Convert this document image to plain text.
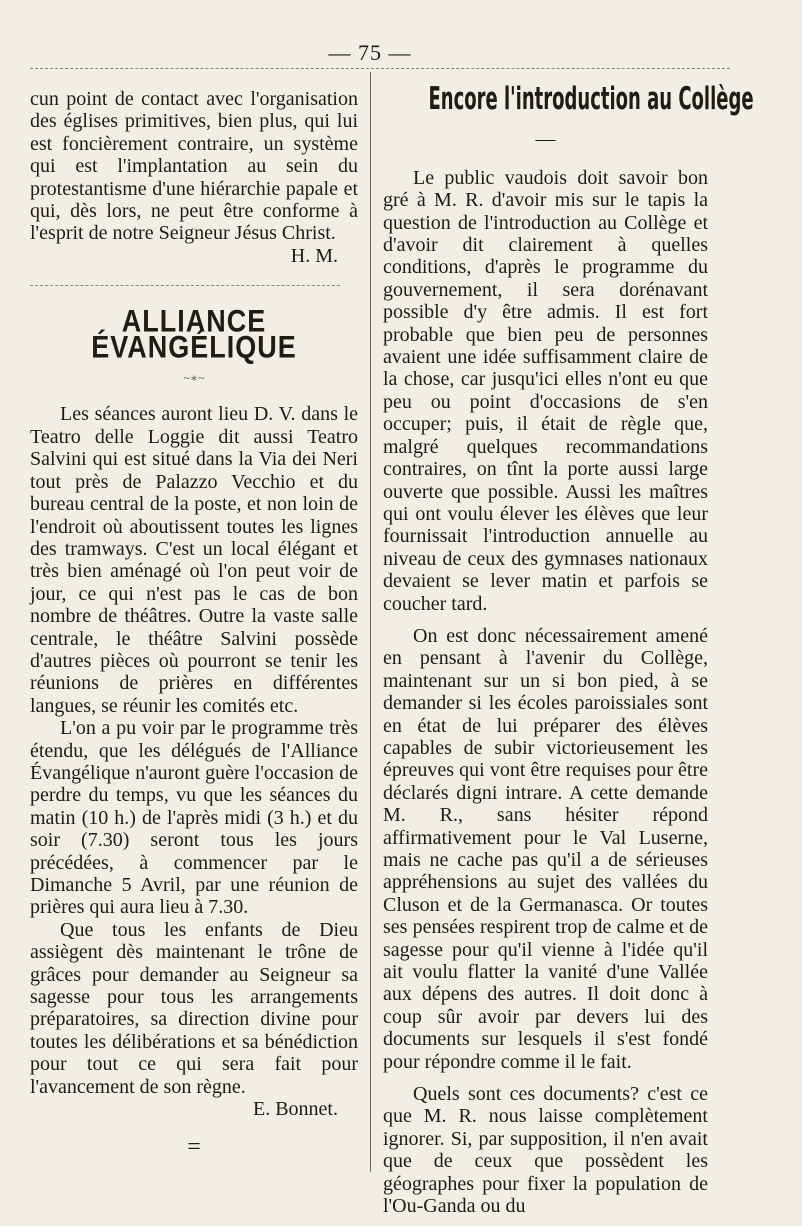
— 75 —

cun point de contact avec l'organisation des églises primitives, bien plus, qui lui est foncièrement contraire, un système qui est l'implantation au sein du protestantisme d'une hiérarchie papale et qui, dès lors, ne peut être conforme à l'esprit de notre Seigneur Jésus Christ.

H. M.

ALLIANCE ÉVANGÉLIQUE
~∗~

Les séances auront lieu D. V. dans le Teatro delle Loggie dit aussi Teatro Salvini qui est situé dans la Via dei Neri tout près de Palazzo Vecchio et du bureau central de la poste, et non loin de l'endroit où aboutissent toutes les lignes des tramways. C'est un local élégant et très bien aménagé où l'on peut voir de jour, ce qui n'est pas le cas de bon nombre de théâtres. Outre la vaste salle centrale, le théâtre Salvini possède d'autres pièces où pourront se tenir les réunions de prières en différentes langues, se réunir les comités etc.

L'on a pu voir par le programme très étendu, que les délégués de l'Alliance Évangélique n'auront guère l'occasion de perdre du temps, vu que les séances du matin (10 h.) de l'après midi (3 h.) et du soir (7.30) seront tous les jours précédées, à commencer par le Dimanche 5 Avril, par une réunion de prières qui aura lieu à 7.30.

Que tous les enfants de Dieu assiègent dès maintenant le trône de grâces pour demander au Seigneur sa sagesse pour tous les arrangements préparatoires, sa direction divine pour toutes les délibérations et sa bénédiction pour tout ce qui sera fait pour l'avancement de son règne.

E. Bonnet.

=
Encore l'introduction au Collège
—

Le public vaudois doit savoir bon gré à M. R. d'avoir mis sur le tapis la question de l'introduction au Collège et d'avoir dit clairement à quelles conditions, d'après le programme du gouvernement, il sera dorénavant possible d'y être admis. Il est fort probable que bien peu de personnes avaient une idée suffisamment claire de la chose, car jusqu'ici elles n'ont eu que peu ou point d'occasions de s'en occuper; puis, il était de règle que, malgré quelques recommandations contraires, on tînt la porte aussi large ouverte que possible. Aussi les maîtres qui ont voulu élever les élèves que leur fournissait l'introduction annuelle au niveau de ceux des gymnases nationaux devaient se lever matin et parfois se coucher tard.

On est donc nécessairement amené en pensant à l'avenir du Collège, maintenant sur un si bon pied, à se demander si les écoles paroissiales sont en état de lui préparer des élèves capables de subir victorieusement les épreuves qui vont être requises pour être déclarés digni intrare. A cette demande M. R., sans hésiter répond affirmativement pour le Val Luserne, mais ne cache pas qu'il a de sérieuses appréhensions au sujet des vallées du Cluson et de la Germanasca. Or toutes ses pensées respirent trop de calme et de sagesse pour qu'il vienne à l'idée qu'il ait voulu flatter la vanité d'une Vallée aux dépens des autres. Il doit donc à coup sûr avoir par devers lui des documents sur lesquels il s'est fondé pour répondre comme il le fait.

Quels sont ces documents? c'est ce que M. R. nous laisse complètement ignorer. Si, par supposition, il n'en avait que de ceux que possèdent les géographes pour fixer la population de l'Ou-Ganda ou du
